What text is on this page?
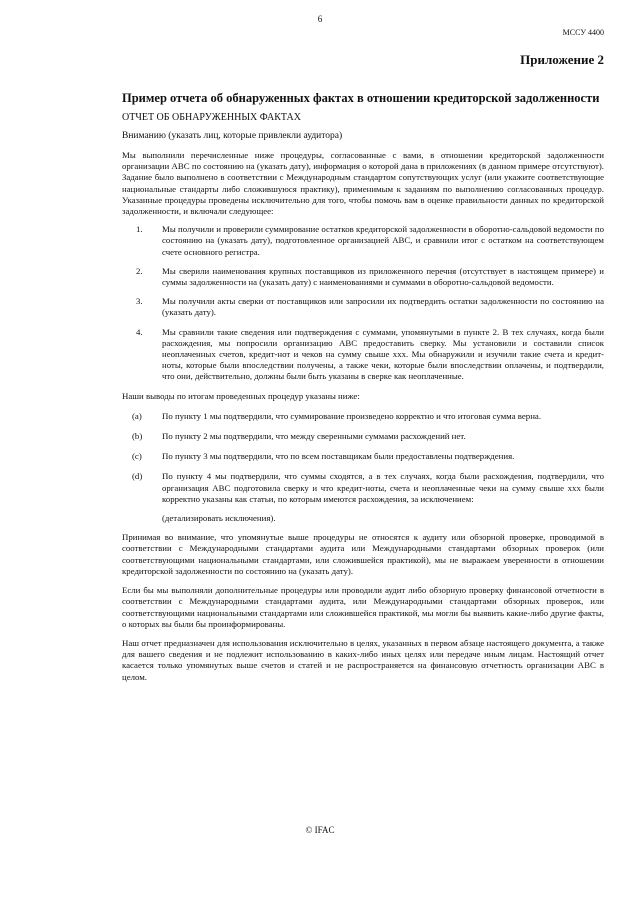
6
МССУ 4400
Приложение 2
Пример отчета об обнаруженных фактах в отношении кредиторской задолженности
ОТЧЕТ ОБ ОБНАРУЖЕННЫХ ФАКТАХ
Вниманию (указать лиц, которые привлекли аудитора)

Мы выполнили перечисленные ниже процедуры, согласованные с вами, в отношении кредиторской задолженности организации АВС по состоянию на (указать дату), информация о которой дана в приложениях (в данном примере отсутствуют). Задание было выполнено в соответствии с Международным стандартом сопутствующих услуг (или укажите соответствующие национальные стандарты либо сложившуюся практику), применимым к заданиям по выполнению согласованных процедур. Указанные процедуры проведены исключительно для того, чтобы помочь вам в оценке правильности данных по кредиторской задолженности, и включали следующее:

1.	Мы получили и проверили суммирование остатков кредиторской задолженности в оборотно-сальдовой ведомости по состоянию на (указать дату), подготовленное организацией АВС, и сравнили итог с остатком на соответствующем счете основного регистра.
2.	Мы сверили наименования крупных поставщиков из приложенного перечня (отсутствует в настоящем примере) и суммы задолженности на (указать дату) с наименованиями и суммами в оборотно-сальдовой ведомости.
3.	Мы получили акты сверки от поставщиков или запросили их подтвердить остатки задолженности по состоянию на (указать дату).
4.	Мы сравнили такие сведения или подтверждения с суммами, упомянутыми в пункте 2. В тех случаях, когда были расхождения, мы попросили организацию АВС предоставить сверку. Мы установили и составили список неоплаченных счетов, кредит-нот и чеков на сумму свыше ххх. Мы обнаружили и изучили такие счета и кредит-ноты, которые были впоследствии получены, а также чеки, которые были впоследствии оплачены, и подтвердили, что они, действительно, должны были быть указаны в сверке как неоплаченные.

Наши выводы по итогам проведенных процедур указаны ниже:

(a)	По пункту 1 мы подтвердили, что суммирование произведено корректно и что итоговая сумма верна.
(b)	По пункту 2 мы подтвердили, что между сверенными суммами расхождений нет.
(c)	По пункту 3 мы подтвердили, что по всем поставщикам были предоставлены подтверждения.
(d)	По пункту 4 мы подтвердили, что суммы сходятся, а в тех случаях, когда были расхождения, подтвердили, что организация АВС подготовила сверку и что кредит-ноты, счета и неоплаченные чеки на сумму свыше ххх были корректно указаны как статьи, по которым имеются расхождения, за исключением:
(детализировать исключения).

Принимая во внимание, что упомянутые выше процедуры не относятся к аудиту или обзорной проверке, проводимой в соответствии с Международными стандартами аудита или Международными стандартами обзорных проверок (или соответствующими национальными стандартами, или сложившейся практикой), мы не выражаем уверенности в отношении кредиторской задолженности по состоянию на (указать дату).

Если бы мы выполняли дополнительные процедуры или проводили аудит либо обзорную проверку финансовой отчетности в соответствии с Международными стандартами аудита, или Международными стандартами обзорных проверок, или соответствующими национальными стандартами или сложившейся практикой, мы могли бы выявить какие-либо другие факты, о которых вы были бы проинформированы.

Наш отчет предназначен для использования исключительно в целях, указанных в первом абзаце настоящего документа, а также для вашего сведения и не подлежит использованию в каких-либо иных целях или передаче иным лицам. Настоящий отчет касается только упомянутых выше счетов и статей и не распространяется на финансовую отчетность организации АВС в целом.

© IFAC
